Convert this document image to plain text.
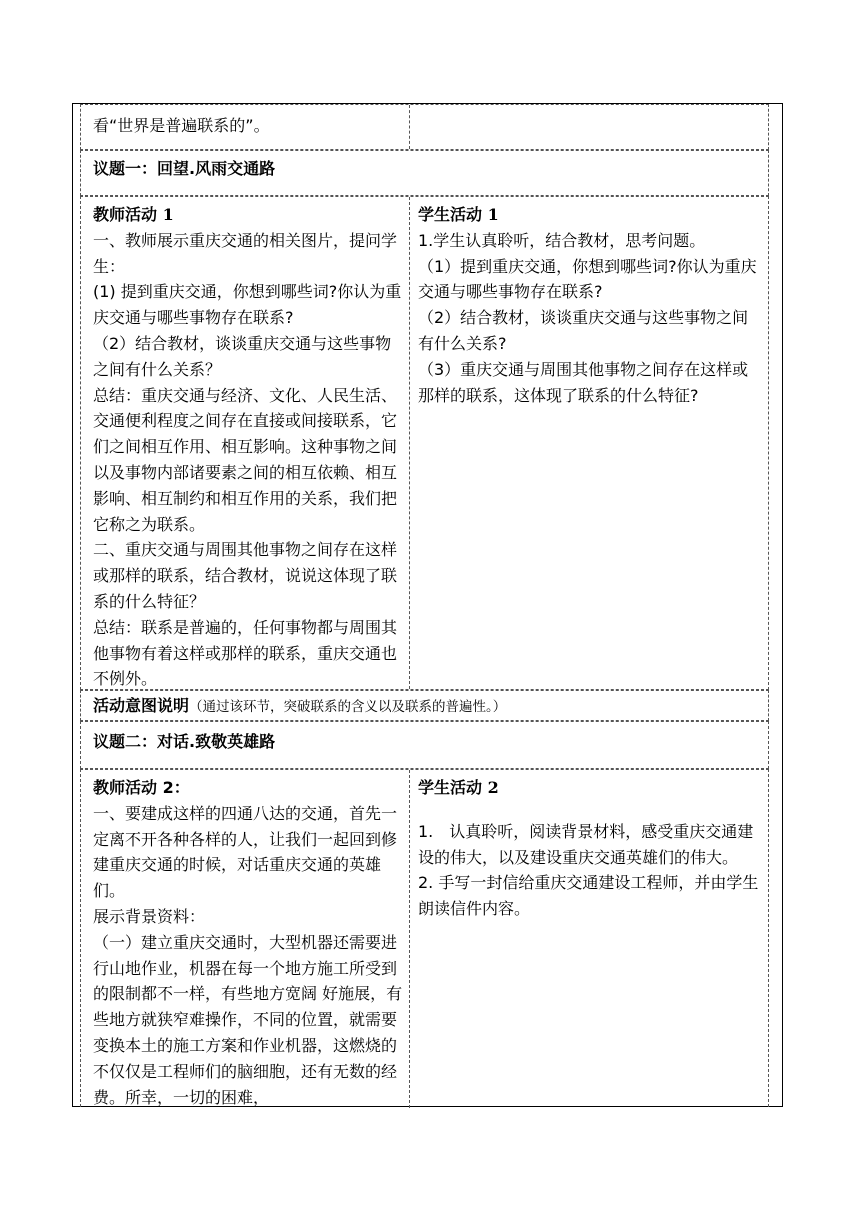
看“世界是普遍联系的”。
议题一：回望.风雨交通路

教师活动 1

一、教师展示重庆交通的相关图片，提问学生：

(1) 提到重庆交通，你想到哪些词?你认为重庆交通与哪些事物存在联系?

（2）结合教材，谈谈重庆交通与这些事物之间有什么关系？

总结：重庆交通与经济、文化、人民生活、交通便利程度之间存在直接或间接联系，它们之间相互作用、相互影响。这种事物之间以及事物内部诸要素之间的相互依赖、相互影响、相互制约和相互作用的关系，我们把它称之为联系。

二、重庆交通与周围其他事物之间存在这样或那样的联系，结合教材，说说这体现了联系的什么特征？

总结：联系是普遍的，任何事物都与周围其他事物有着这样或那样的联系，重庆交通也不例外。

学生活动 1

1.学生认真聆听，结合教材，思考问题。

（1）提到重庆交通，你想到哪些词?你认为重庆交通与哪些事物存在联系?

（2）结合教材，谈谈重庆交通与这些事物之间有什么关系?

（3）重庆交通与周围其他事物之间存在这样或那样的联系，这体现了联系的什么特征?

活动意图说明（通过该环节，突破联系的含义以及联系的普遍性。）
议题二：对话.致敬英雄路

教师活动 2：

一、要建成这样的四通八达的交通，首先一定离不开各种各样的人，让我们一起回到修建重庆交通的时候，对话重庆交通的英雄们。

展示背景资料：

（一）建立重庆交通时，大型机器还需要进行山地作业，机器在每一个地方施工所受到的限制都不一样，有些地方宽阔 好施展，有些地方就狭窄难操作，不同的位置，就需要变换本土的施工方案和作业机器，这燃烧的不仅仅是工程师们的脑细胞，还有无数的经费。所幸，一切的困难，

学生活动 2

1.　认真聆听，阅读背景材料，感受重庆交通建设的伟大，以及建设重庆交通英雄们的伟大。

2. 手写一封信给重庆交通建设工程师，并由学生朗读信件内容。
